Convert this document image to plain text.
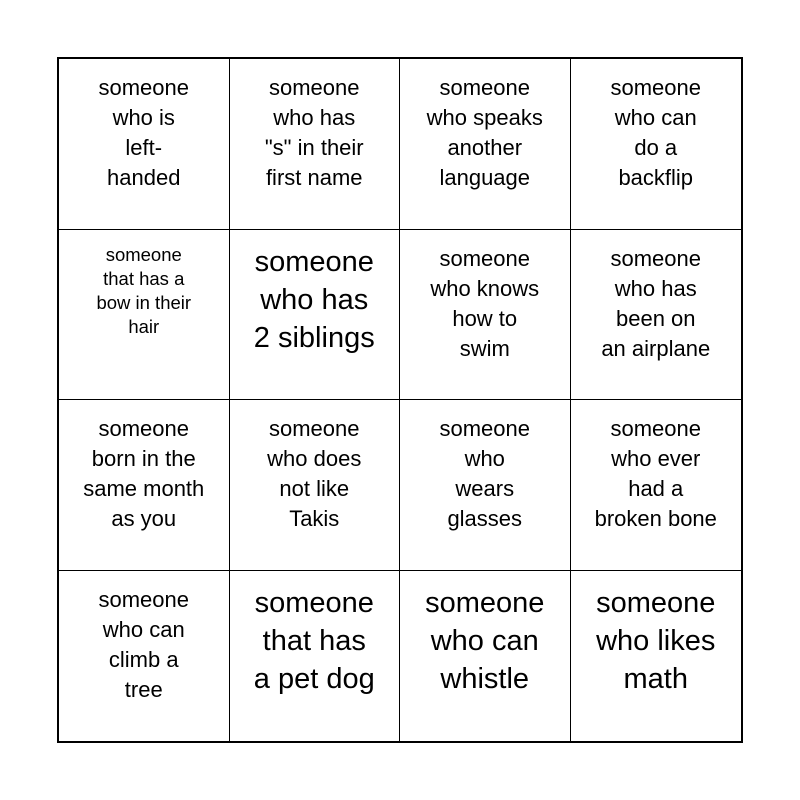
someone
who is
left-
handed
someone
who has
"s" in their
first name
someone
who speaks
another
language
someone
who can
do a
backflip
someone
that has a
bow in their
hair
someone
who has
2 siblings
someone
who knows
how to
swim
someone
who has
been on
an airplane
someone
born in the
same month
as you
someone
who does
not like
Takis
someone
who
wears
glasses
someone
who ever
had a
broken bone
someone
who can
climb a
tree
someone
that has
a pet dog
someone
who can
whistle
someone
who likes
math
